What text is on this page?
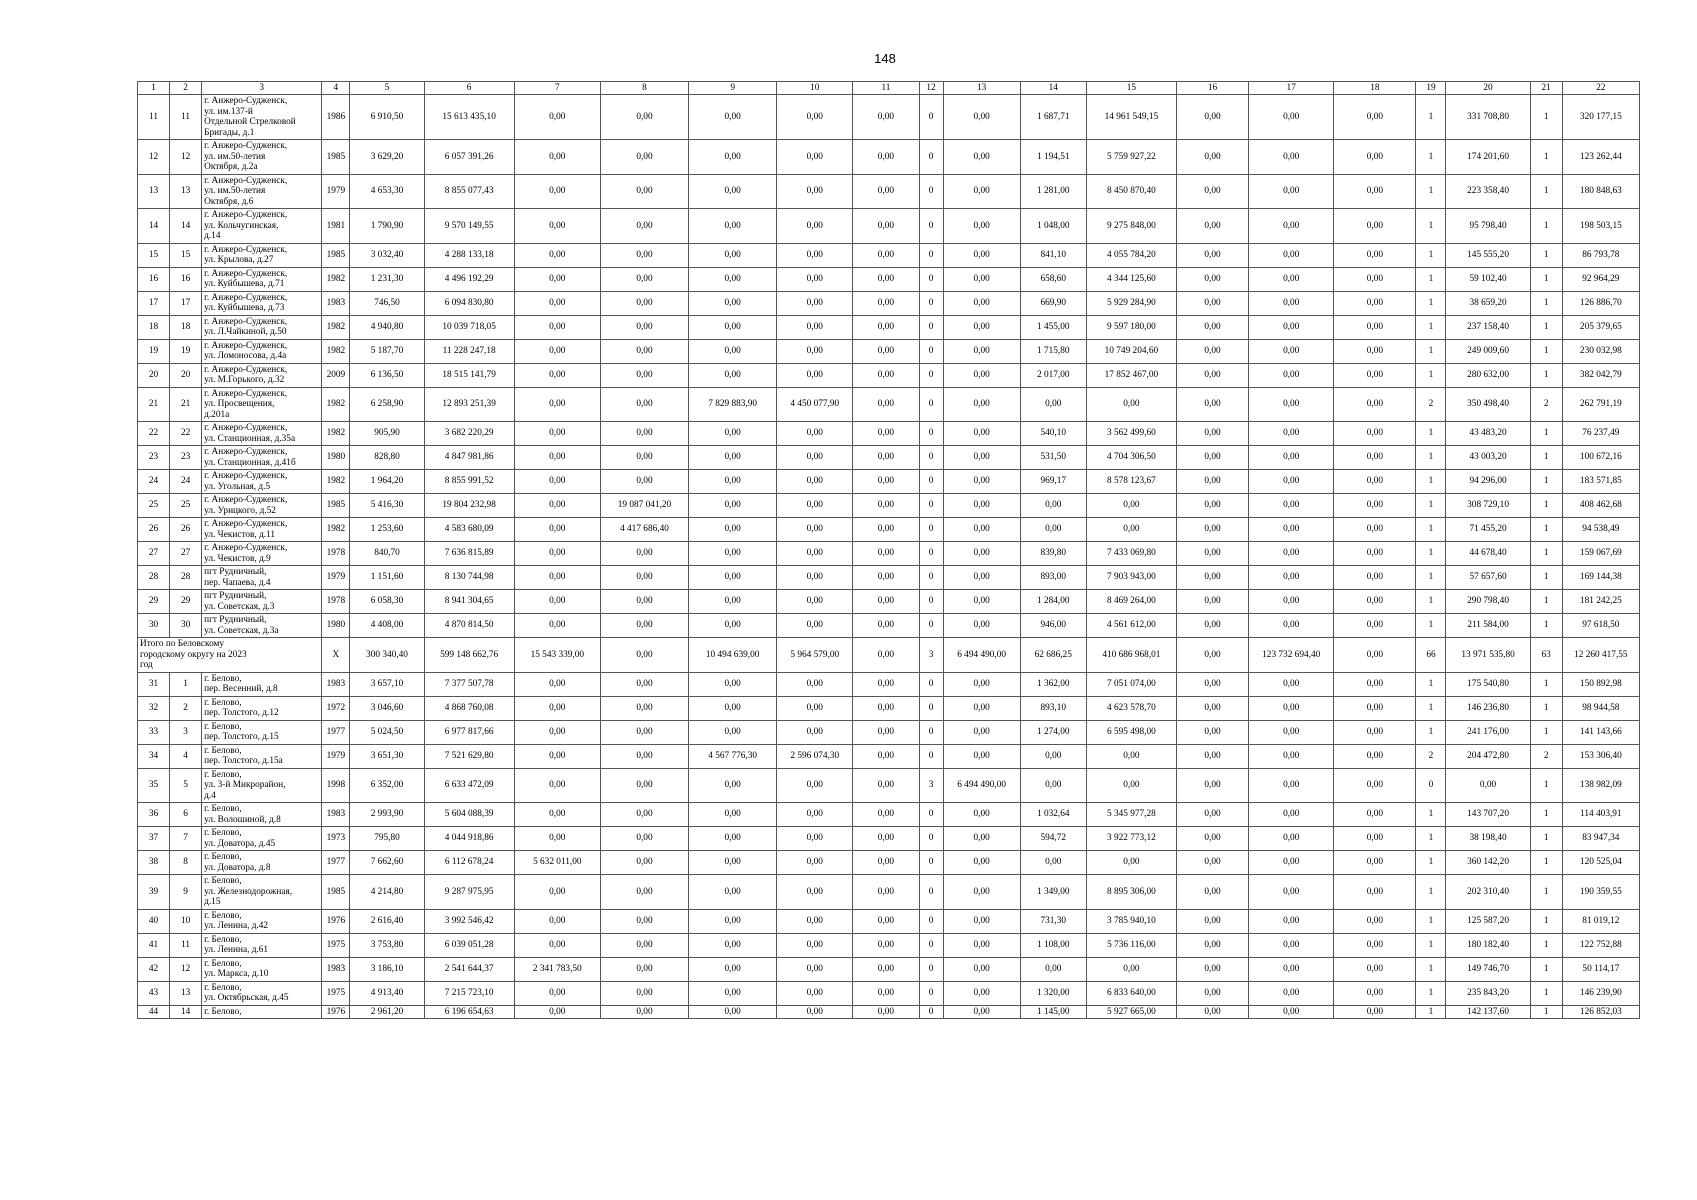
148
1	2	3	4	5	6	7	8	9	10	11	12	13	14	15	16	17	18	19	20	21	22
11	11	г. Анжеро-Судженск,
ул. им.137-й
Отдельной Стрелковой
Бригады, д.1	1986	6 910,50	15 613 435,10	0,00	0,00	0,00	0,00	0,00	0	0,00	1 687,71	14 961 549,15	0,00	0,00	0,00	1	331 708,80	1	320 177,15
12	12	г. Анжеро-Судженск,
ул. им.50-летия
Октября, д.2а	1985	3 629,20	6 057 391,26	0,00	0,00	0,00	0,00	0,00	0	0,00	1 194,51	5 759 927,22	0,00	0,00	0,00	1	174 201,60	1	123 262,44
13	13	г. Анжеро-Судженск,
ул. им.50-летия
Октября, д.6	1979	4 653,30	8 855 077,43	0,00	0,00	0,00	0,00	0,00	0	0,00	1 281,00	8 450 870,40	0,00	0,00	0,00	1	223 358,40	1	180 848,63
14	14	г. Анжеро-Судженск,
ул. Кольчугинская,
д.14	1981	1 790,90	9 570 149,55	0,00	0,00	0,00	0,00	0,00	0	0,00	1 048,00	9 275 848,00	0,00	0,00	0,00	1	95 798,40	1	198 503,15
15	15	г. Анжеро-Судженск,
ул. Крылова, д.27	1985	3 032,40	4 288 133,18	0,00	0,00	0,00	0,00	0,00	0	0,00	841,10	4 055 784,20	0,00	0,00	0,00	1	145 555,20	1	86 793,78
16	16	г. Анжеро-Судженск,
ул. Куйбышева, д.71	1982	1 231,30	4 496 192,29	0,00	0,00	0,00	0,00	0,00	0	0,00	658,60	4 344 125,60	0,00	0,00	0,00	1	59 102,40	1	92 964,29
17	17	г. Анжеро-Судженск,
ул. Куйбышева, д.73	1983	746,50	6 094 830,80	0,00	0,00	0,00	0,00	0,00	0	0,00	669,90	5 929 284,90	0,00	0,00	0,00	1	38 659,20	1	126 886,70
18	18	г. Анжеро-Судженск,
ул. Л.Чайкиной, д.50	1982	4 940,80	10 039 718,05	0,00	0,00	0,00	0,00	0,00	0	0,00	1 455,00	9 597 180,00	0,00	0,00	0,00	1	237 158,40	1	205 379,65
19	19	г. Анжеро-Судженск,
ул. Ломоносова, д.4а	1982	5 187,70	11 228 247,18	0,00	0,00	0,00	0,00	0,00	0	0,00	1 715,80	10 749 204,60	0,00	0,00	0,00	1	249 009,60	1	230 032,98
20	20	г. Анжеро-Судженск,
ул. М.Горького, д.32	2009	6 136,50	18 515 141,79	0,00	0,00	0,00	0,00	0,00	0	0,00	2 017,00	17 852 467,00	0,00	0,00	0,00	1	280 632,00	1	382 042,79
21	21	г. Анжеро-Судженск,
ул. Просвещения,
д.201а	1982	6 258,90	12 893 251,39	0,00	0,00	7 829 883,90	4 450 077,90	0,00	0	0,00	0,00	0,00	0,00	0,00	0,00	2	350 498,40	2	262 791,19
22	22	г. Анжеро-Судженск,
ул. Станционная, д.35а	1982	905,90	3 682 220,29	0,00	0,00	0,00	0,00	0,00	0	0,00	540,10	3 562 499,60	0,00	0,00	0,00	1	43 483,20	1	76 237,49
23	23	г. Анжеро-Судженск,
ул. Станционная, д.41б	1980	828,80	4 847 981,86	0,00	0,00	0,00	0,00	0,00	0	0,00	531,50	4 704 306,50	0,00	0,00	0,00	1	43 003,20	1	100 672,16
24	24	г. Анжеро-Судженск,
ул. Угольная, д.5	1982	1 964,20	8 855 991,52	0,00	0,00	0,00	0,00	0,00	0	0,00	969,17	8 578 123,67	0,00	0,00	0,00	1	94 296,00	1	183 571,85
25	25	г. Анжеро-Судженск,
ул. Урицкого, д.52	1985	5 416,30	19 804 232,98	0,00	19 087 041,20	0,00	0,00	0,00	0	0,00	0,00	0,00	0,00	0,00	0,00	1	308 729,10	1	408 462,68
26	26	г. Анжеро-Судженск,
ул. Чекистов, д.11	1982	1 253,60	4 583 680,09	0,00	4 417 686,40	0,00	0,00	0,00	0	0,00	0,00	0,00	0,00	0,00	0,00	1	71 455,20	1	94 538,49
27	27	г. Анжеро-Судженск,
ул. Чекистов, д.9	1978	840,70	7 636 815,89	0,00	0,00	0,00	0,00	0,00	0	0,00	839,80	7 433 069,80	0,00	0,00	0,00	1	44 678,40	1	159 067,69
28	28	пгт Рудничный,
пер. Чапаева, д.4	1979	1 151,60	8 130 744,98	0,00	0,00	0,00	0,00	0,00	0	0,00	893,00	7 903 943,00	0,00	0,00	0,00	1	57 657,60	1	169 144,38
29	29	пгт Рудничный,
ул. Советская, д.3	1978	6 058,30	8 941 304,65	0,00	0,00	0,00	0,00	0,00	0	0,00	1 284,00	8 469 264,00	0,00	0,00	0,00	1	290 798,40	1	181 242,25
30	30	пгт Рудничный,
ул. Советская, д.3а	1980	4 408,00	4 870 814,50	0,00	0,00	0,00	0,00	0,00	0	0,00	946,00	4 561 612,00	0,00	0,00	0,00	1	211 584,00	1	97 618,50

Итого по Беловскому
городскому округу на 2023
год			X	300 340,40	599 148 662,76	15 543 339,00	0,00	10 494 639,00	5 964 579,00	0,00	3	6 494 490,00	62 686,25	410 686 968,01	0,00	123 732 694,40	0,00	66	13 971 535,80	63	12 260 417,55
31	1	г. Белово,
пер. Весенний, д.8	1983	3 657,10	7 377 507,78	0,00	0,00	0,00	0,00	0,00	0	0,00	1 362,00	7 051 074,00	0,00	0,00	0,00	1	175 540,80	1	150 892,98
32	2	г. Белово,
пер. Толстого, д.12	1972	3 046,60	4 868 760,08	0,00	0,00	0,00	0,00	0,00	0	0,00	893,10	4 623 578,70	0,00	0,00	0,00	1	146 236,80	1	98 944,58
33	3	г. Белово,
пер. Толстого, д.15	1977	5 024,50	6 977 817,66	0,00	0,00	0,00	0,00	0,00	0	0,00	1 274,00	6 595 498,00	0,00	0,00	0,00	1	241 176,00	1	141 143,66
34	4	г. Белово,
пер. Толстого, д.15а	1979	3 651,30	7 521 629,80	0,00	0,00	4 567 776,30	2 596 074,30	0,00	0	0,00	0,00	0,00	0,00	0,00	0,00	2	204 472,80	2	153 306,40
35	5	г. Белово,
ул. 3-й Микрорайон,
д.4	1998	6 352,00	6 633 472,09	0,00	0,00	0,00	0,00	0,00	3	6 494 490,00	0,00	0,00	0,00	0,00	0,00	0	0,00	1	138 982,09
36	6	г. Белово,
ул. Волошиной, д.8	1983	2 993,90	5 604 088,39	0,00	0,00	0,00	0,00	0,00	0	0,00	1 032,64	5 345 977,28	0,00	0,00	0,00	1	143 707,20	1	114 403,91
37	7	г. Белово,
ул. Доватора, д.45	1973	795,80	4 044 918,86	0,00	0,00	0,00	0,00	0,00	0	0,00	594,72	3 922 773,12	0,00	0,00	0,00	1	38 198,40	1	83 947,34
38	8	г. Белово,
ул. Доватора, д.8	1977	7 662,60	6 112 678,24	5 632 011,00	0,00	0,00	0,00	0,00	0	0,00	0,00	0,00	0,00	0,00	0,00	1	360 142,20	1	120 525,04
39	9	г. Белово,
ул. Железнодорожная,
д.15	1985	4 214,80	9 287 975,95	0,00	0,00	0,00	0,00	0,00	0	0,00	1 349,00	8 895 306,00	0,00	0,00	0,00	1	202 310,40	1	190 359,55
40	10	г. Белово,
ул. Ленина, д.42	1976	2 616,40	3 992 546,42	0,00	0,00	0,00	0,00	0,00	0	0,00	731,30	3 785 940,10	0,00	0,00	0,00	1	125 587,20	1	81 019,12
41	11	г. Белово,
ул. Ленина, д.61	1975	3 753,80	6 039 051,28	0,00	0,00	0,00	0,00	0,00	0	0,00	1 108,00	5 736 116,00	0,00	0,00	0,00	1	180 182,40	1	122 752,88
42	12	г. Белово,
ул. Маркса, д.10	1983	3 186,10	2 541 644,37	2 341 783,50	0,00	0,00	0,00	0,00	0	0,00	0,00	0,00	0,00	0,00	0,00	1	149 746,70	1	50 114,17
43	13	г. Белово,
ул. Октябрьская, д.45	1975	4 913,40	7 215 723,10	0,00	0,00	0,00	0,00	0,00	0	0,00	1 320,00	6 833 640,00	0,00	0,00	0,00	1	235 843,20	1	146 239,90
44	14	г. Белово,	1976	2 961,20	6 196 654,63	0,00	0,00	0,00	0,00	0,00	0	0,00	1 145,00	5 927 665,00	0,00	0,00	0,00	1	142 137,60	1	126 852,03
